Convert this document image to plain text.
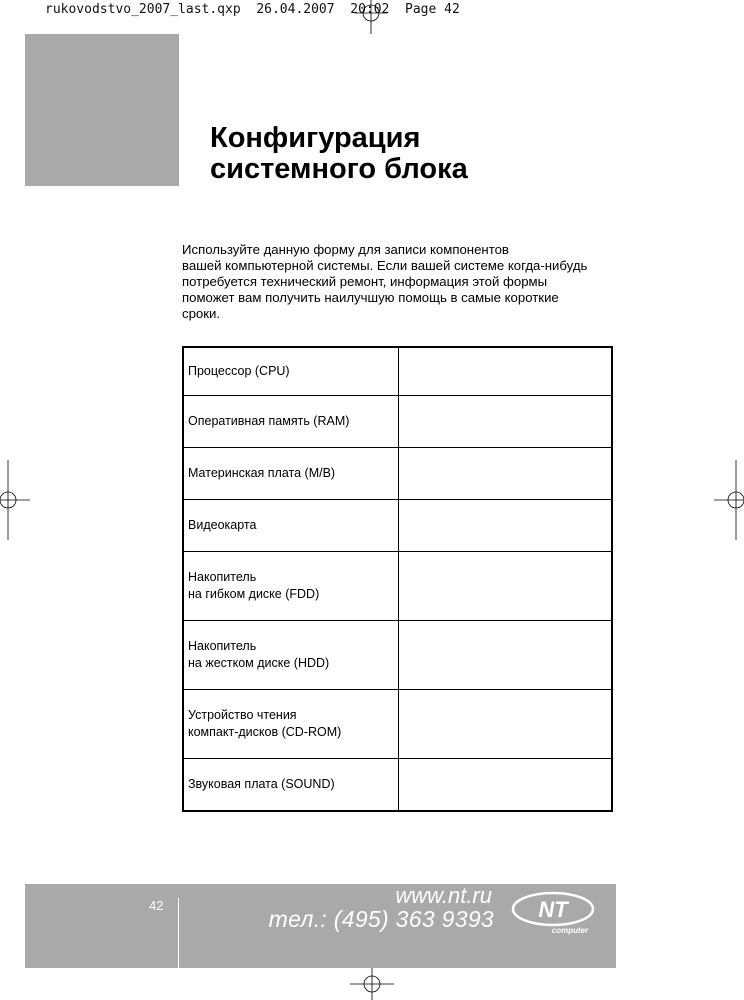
rukovodstvo_2007_last.qxp  26.04.2007  20:02  Page 42
Конфигурация
системного блока

Используйте данную форму для записи компонентов
вашей компьютерной системы. Если вашей системе когда-нибудь
потребуется технический ремонт, информация этой формы
поможет вам получить наилучшую помощь в самые короткие
сроки.

Процессор (CPU)	

Оперативная память (RAM)	

Материнская плата (M/B)	

Видеокарта	

Накопитель
на гибком диске (FDD)	

Накопитель
на жестком диске (HDD)	

Устройство чтения
компакт-дисков (CD-ROM)	

Звуковая плата (SOUND)	

42	www.nt.ru
тел.: (495) 363 9393 NT
computer
